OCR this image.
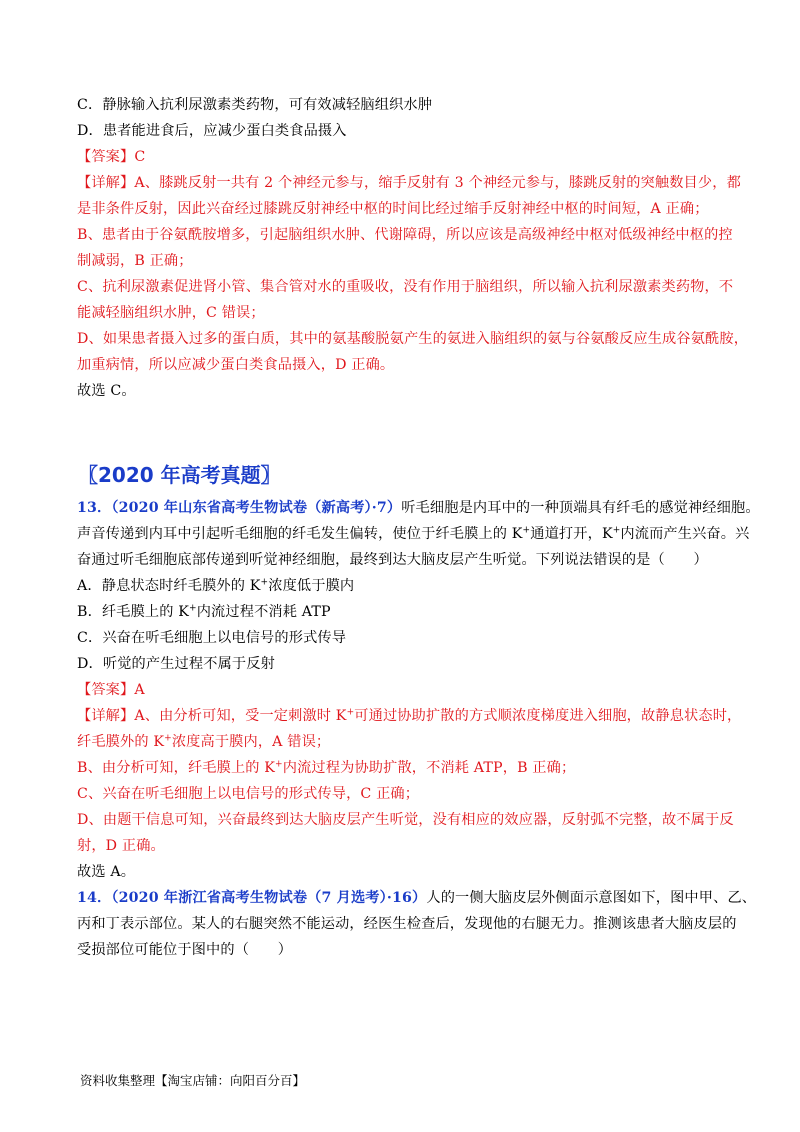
C．静脉输入抗利尿激素类药物，可有效减轻脑组织水肿
D．患者能进食后，应减少蛋白类食品摄入
【答案】C
【详解】A、膝跳反射一共有 2 个神经元参与，缩手反射有 3 个神经元参与，膝跳反射的突触数目少，都
是非条件反射，因此兴奋经过膝跳反射神经中枢的时间比经过缩手反射神经中枢的时间短，A 正确；
B、患者由于谷氨酰胺增多，引起脑组织水肿、代谢障碍，所以应该是高级神经中枢对低级神经中枢的控
制减弱，B 正确；
C、抗利尿激素促进肾小管、集合管对水的重吸收，没有作用于脑组织，所以输入抗利尿激素类药物，不
能减轻脑组织水肿，C 错误；
D、如果患者摄入过多的蛋白质，其中的氨基酸脱氨产生的氨进入脑组织的氨与谷氨酸反应生成谷氨酰胺，
加重病情，所以应减少蛋白类食品摄入，D 正确。
故选 C。
〖2020 年高考真题〗
13．（2020 年山东省高考生物试卷（新高考）·7）听毛细胞是内耳中的一种顶端具有纤毛的感觉神经细胞。
声音传递到内耳中引起听毛细胞的纤毛发生偏转，使位于纤毛膜上的 K+通道打开，K+内流而产生兴奋。兴
奋通过听毛细胞底部传递到听觉神经细胞，最终到达大脑皮层产生听觉。下列说法错误的是（　　）
A．静息状态时纤毛膜外的 K+浓度低于膜内
B．纤毛膜上的 K+内流过程不消耗 ATP
C．兴奋在听毛细胞上以电信号的形式传导
D．听觉的产生过程不属于反射
【答案】A
【详解】A、由分析可知，受一定刺激时 K+可通过协助扩散的方式顺浓度梯度进入细胞，故静息状态时，
纤毛膜外的 K+浓度高于膜内，A 错误；
B、由分析可知，纤毛膜上的 K+内流过程为协助扩散，不消耗 ATP，B 正确；
C、兴奋在听毛细胞上以电信号的形式传导，C 正确；
D、由题干信息可知，兴奋最终到达大脑皮层产生听觉，没有相应的效应器，反射弧不完整，故不属于反
射，D 正确。
故选 A。
14．（2020 年浙江省高考生物试卷（7 月选考）·16）人的一侧大脑皮层外侧面示意图如下，图中甲、乙、
丙和丁表示部位。某人的右腿突然不能运动，经医生检查后，发现他的右腿无力。推测该患者大脑皮层的
受损部位可能位于图中的（　　）
资料收集整理【淘宝店铺：向阳百分百】
